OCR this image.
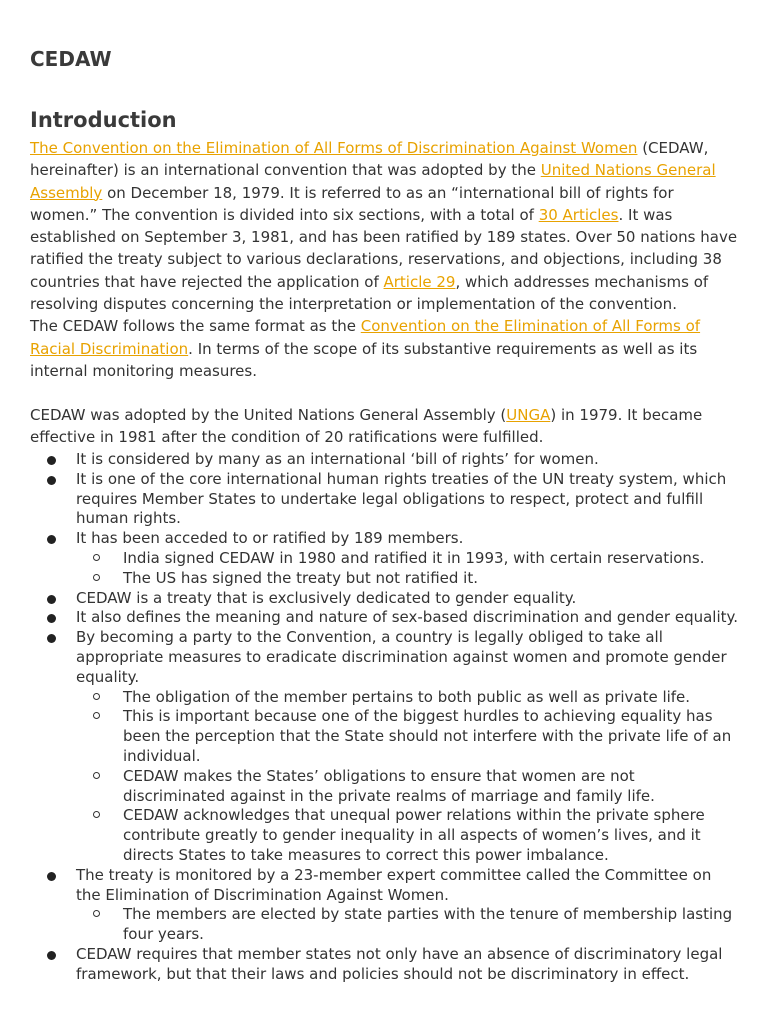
CEDAW
Introduction
The Convention on the Elimination of All Forms of Discrimination Against Women (CEDAW, hereinafter) is an international convention that was adopted by the United Nations General Assembly on December 18, 1979. It is referred to as an “international bill of rights for women.” The convention is divided into six sections, with a total of 30 Articles. It was established on September 3, 1981, and has been ratified by 189 states. Over 50 nations have ratified the treaty subject to various declarations, reservations, and objections, including 38 countries that have rejected the application of Article 29, which addresses mechanisms of resolving disputes concerning the interpretation or implementation of the convention.
The CEDAW follows the same format as the Convention on the Elimination of All Forms of Racial Discrimination. In terms of the scope of its substantive requirements as well as its internal monitoring measures.
CEDAW was adopted by the United Nations General Assembly (UNGA) in 1979. It became effective in 1981 after the condition of 20 ratifications were fulfilled.
It is considered by many as an international ‘bill of rights’ for women.
It is one of the core international human rights treaties of the UN treaty system, which requires Member States to undertake legal obligations to respect, protect and fulfill human rights.
It has been acceded to or ratified by 189 members.
India signed CEDAW in 1980 and ratified it in 1993, with certain reservations.
The US has signed the treaty but not ratified it.
CEDAW is a treaty that is exclusively dedicated to gender equality.
It also defines the meaning and nature of sex-based discrimination and gender equality.
By becoming a party to the Convention, a country is legally obliged to take all appropriate measures to eradicate discrimination against women and promote gender equality.
The obligation of the member pertains to both public as well as private life.
This is important because one of the biggest hurdles to achieving equality has been the perception that the State should not interfere with the private life of an individual.
CEDAW makes the States’ obligations to ensure that women are not discriminated against in the private realms of marriage and family life.
CEDAW acknowledges that unequal power relations within the private sphere contribute greatly to gender inequality in all aspects of women’s lives, and it directs States to take measures to correct this power imbalance.
The treaty is monitored by a 23-member expert committee called the Committee on the Elimination of Discrimination Against Women.
The members are elected by state parties with the tenure of membership lasting four years.
CEDAW requires that member states not only have an absence of discriminatory legal framework, but that their laws and policies should not be discriminatory in effect.
